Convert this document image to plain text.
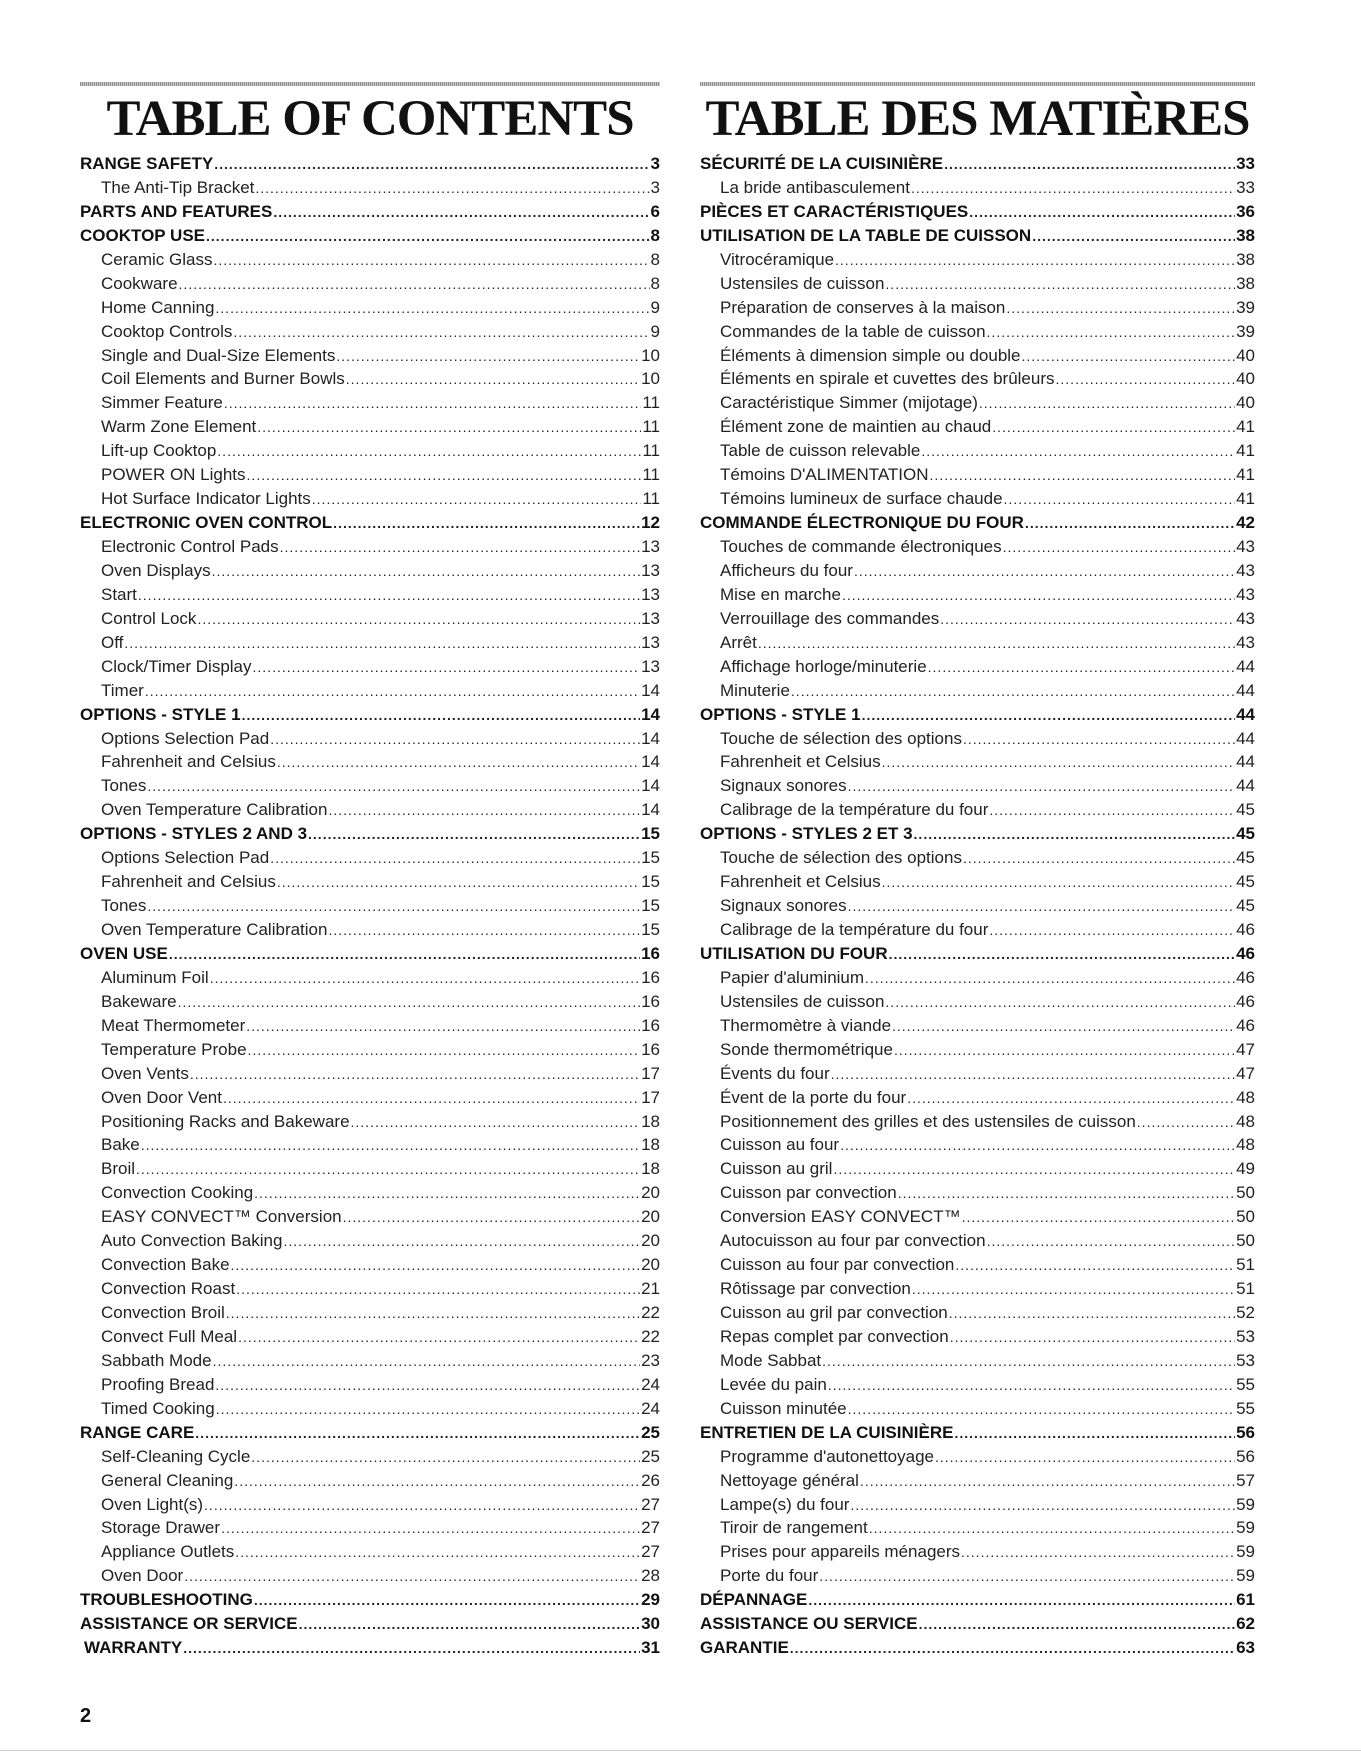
TABLE OF CONTENTS
RANGE SAFETY .....	3
The Anti-Tip Bracket .....	3
PARTS AND FEATURES .....	6
COOKTOP USE .....	8
Ceramic Glass .....	8
Cookware .....	8
Home Canning .....	9
Cooktop Controls .....	9
Single and Dual-Size Elements .....	10
Coil Elements and Burner Bowls .....	10
Simmer Feature .....	11
Warm Zone Element .....	11
Lift-up Cooktop .....	11
POWER ON Lights .....	11
Hot Surface Indicator Lights .....	11
ELECTRONIC OVEN CONTROL .....	12
Electronic Control Pads .....	13
Oven Displays .....	13
Start .....	13
Control Lock .....	13
Off .....	13
Clock/Timer Display .....	13
Timer .....	14
OPTIONS - STYLE 1 .....	14
Options Selection Pad .....	14
Fahrenheit and Celsius .....	14
Tones .....	14
Oven Temperature Calibration .....	14
OPTIONS - STYLES 2 AND 3 .....	15
Options Selection Pad .....	15
Fahrenheit and Celsius .....	15
Tones .....	15
Oven Temperature Calibration .....	15
OVEN USE .....	16
Aluminum Foil .....	16
Bakeware .....	16
Meat Thermometer .....	16
Temperature Probe .....	16
Oven Vents .....	17
Oven Door Vent .....	17
Positioning Racks and Bakeware .....	18
Bake .....	18
Broil .....	18
Convection Cooking .....	20
EASY CONVECT™ Conversion .....	20
Auto Convection Baking .....	20
Convection Bake .....	20
Convection Roast .....	21
Convection Broil .....	22
Convect Full Meal .....	22
Sabbath Mode .....	23
Proofing Bread .....	24
Timed Cooking .....	24
RANGE CARE .....	25
Self-Cleaning Cycle .....	25
General Cleaning .....	26
Oven Light(s) .....	27
Storage Drawer .....	27
Appliance Outlets .....	27
Oven Door .....	28
TROUBLESHOOTING .....	29
ASSISTANCE OR SERVICE .....	30
WARRANTY .....	31
TABLE DES MATIÈRES
SÉCURITÉ DE LA CUISINIÈRE .....	33
La bride antibasculement .....	33
PIÈCES ET CARACTÉRISTIQUES .....	36
UTILISATION DE LA TABLE DE CUISSON .....	38
Vitrocéramique .....	38
Ustensiles de cuisson .....	38
Préparation de conserves à la maison .....	39
Commandes de la table de cuisson .....	39
Éléments à dimension simple ou double .....	40
Éléments en spirale et cuvettes des brûleurs .....	40
Caractéristique Simmer (mijotage) .....	40
Élément zone de maintien au chaud .....	41
Table de cuisson relevable .....	41
Témoins D'ALIMENTATION .....	41
Témoins lumineux de surface chaude .....	41
COMMANDE ÉLECTRONIQUE DU FOUR .....	42
Touches de commande électroniques .....	43
Afficheurs du four .....	43
Mise en marche .....	43
Verrouillage des commandes .....	43
Arrêt .....	43
Affichage horloge/minuterie .....	44
Minuterie .....	44
OPTIONS - STYLE 1 .....	44
Touche de sélection des options .....	44
Fahrenheit et Celsius .....	44
Signaux sonores .....	44
Calibrage de la température du four .....	45
OPTIONS - STYLES 2 ET 3 .....	45
Touche de sélection des options .....	45
Fahrenheit et Celsius .....	45
Signaux sonores .....	45
Calibrage de la température du four .....	46
UTILISATION DU FOUR .....	46
Papier d'aluminium .....	46
Ustensiles de cuisson .....	46
Thermomètre à viande .....	46
Sonde thermométrique .....	47
Évents du four .....	47
Évent de la porte du four .....	48
Positionnement des grilles et des ustensiles de cuisson .....	48
Cuisson au four .....	48
Cuisson au gril .....	49
Cuisson par convection .....	50
Conversion EASY CONVECT™ .....	50
Autocuisson au four par convection .....	50
Cuisson au four par convection .....	51
Rôtissage par convection .....	51
Cuisson au gril par convection .....	52
Repas complet par convection .....	53
Mode Sabbat .....	53
Levée du pain .....	55
Cuisson minutée .....	55
ENTRETIEN DE LA CUISINIÈRE .....	56
Programme d'autonettoyage .....	56
Nettoyage général .....	57
Lampe(s) du four .....	59
Tiroir de rangement .....	59
Prises pour appareils ménagers .....	59
Porte du four .....	59
DÉPANNAGE .....	61
ASSISTANCE OU SERVICE .....	62
GARANTIE .....	63
2
